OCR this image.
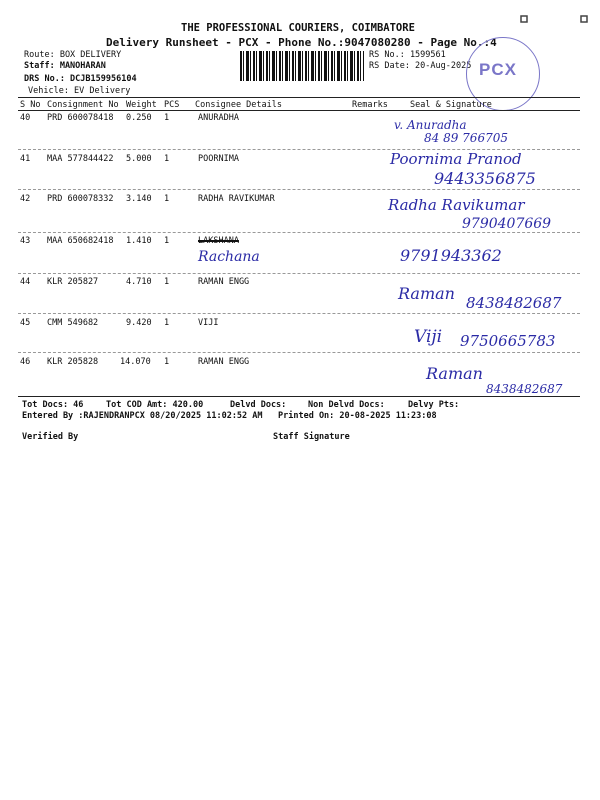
THE PROFESSIONAL COURIERS, COIMBATORE
Delivery Runsheet - PCX - Phone No.:9047080280 - Page No.:4
Route: BOX DELIVERY
Staff: MANOHARAN
DRS No.: DCJB159956104
Vehicle: EV Delivery
RS No.: 1599561
RS Date: 20-Aug-2025 PCX
S No Consignment No Weight PCS Consignee Details	Remarks	Seal & Signature
40 PRD 600078418 0.250 1	ANURADHA	v. Anuradha
84 89 766705
41 MAA 577844422 5.000 1	POORNIMA	Poornima Pranod
9443356875
42 PRD 600078332 3.140 1	RADHA RAVIKUMAR	Radha Ravikumar
9790407669
43 MAA 650682418 1.410 1	LAKSHANA
Rachana	9791943362
44 KLR 205827	4.710 1	RAMAN ENGG
Raman 8438482687
45 CMM 549682	9.420 1	VIJI
Viji 9750665783
46 KLR 205828	14.070 1	RAMAN ENGG
Raman
8438482687
Tot Docs: 46	Tot COD Amt: 420.00	Delvd Docs:	Non Delvd Docs:	Delvy Pts:
Entered By :RAJENDRANPCX 08/20/2025 11:02:52 AM Printed On: 20-08-2025 11:23:08
Verified By	Staff Signature
